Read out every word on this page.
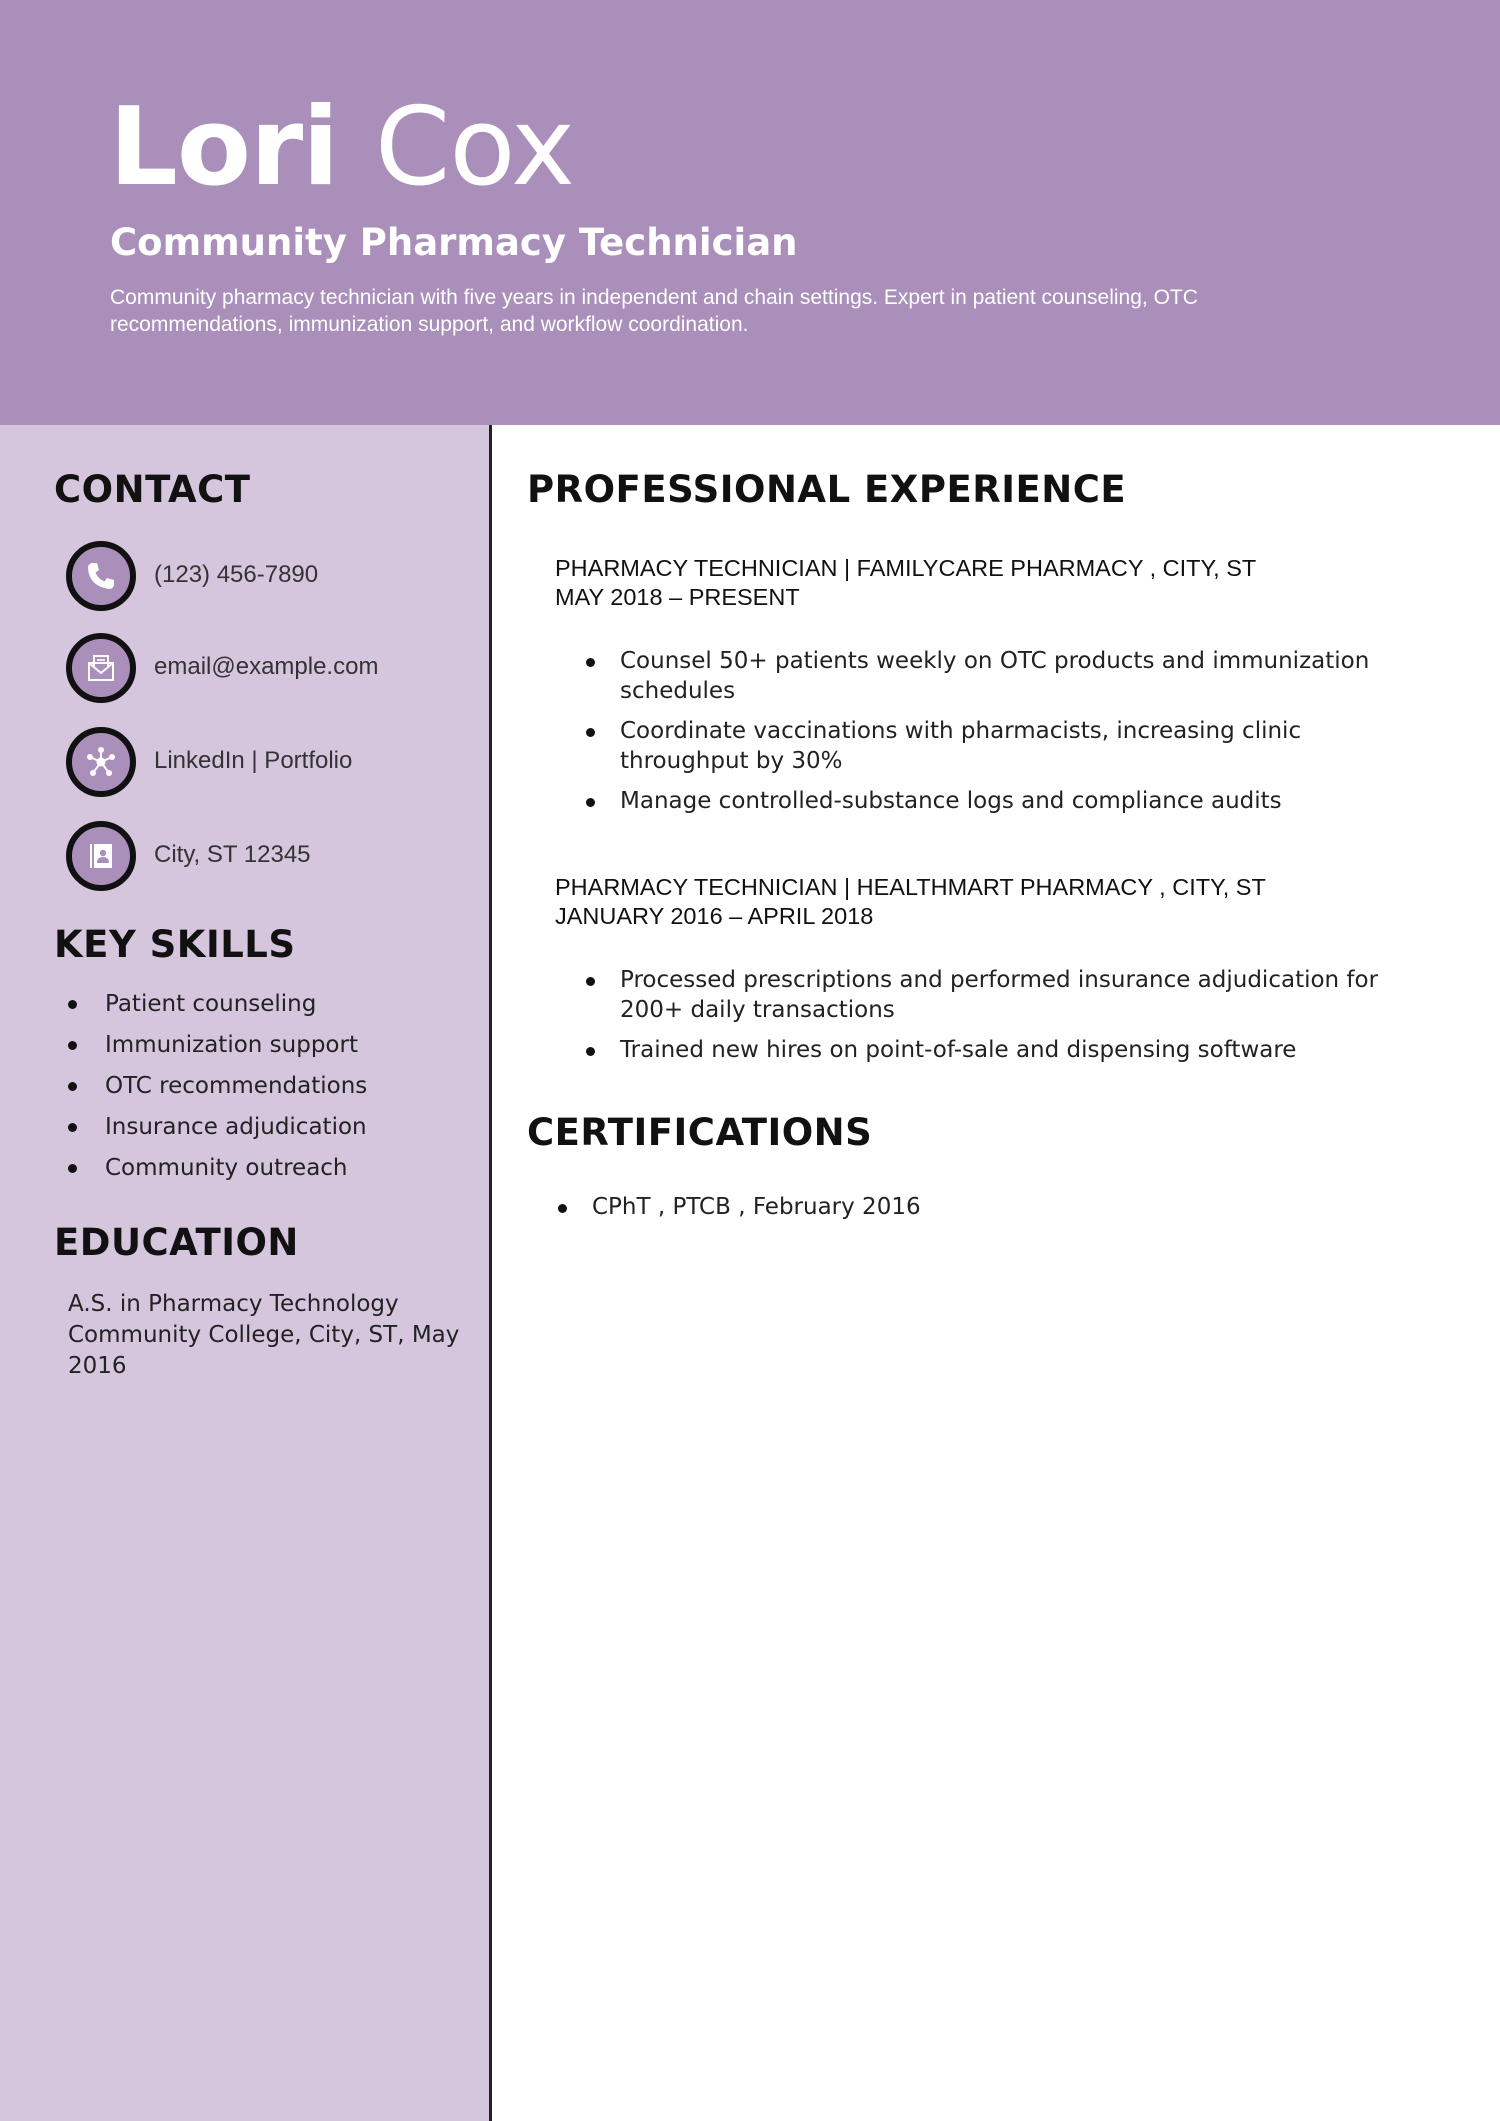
Lori Cox
Community Pharmacy Technician

Community pharmacy technician with five years in independent and chain settings. Expert in patient counseling, OTC recommendations, immunization support, and workflow coordination.

CONTACT
(123) 456-7890
email@example.com
LinkedIn | Portfolio
City, ST 12345
KEY SKILLS
Patient counseling
Immunization support
OTC recommendations
Insurance adjudication
Community outreach
EDUCATION

A.S. in Pharmacy Technology Community College, City, ST, May 2016

PROFESSIONAL EXPERIENCE

PHARMACY TECHNICIAN | FAMILYCARE PHARMACY , CITY, ST

MAY 2018 – PRESENT

Counsel 50+ patients weekly on OTC products and immunization schedules
Coordinate vaccinations with pharmacists, increasing clinic throughput by 30%
Manage controlled-substance logs and compliance audits

PHARMACY TECHNICIAN | HEALTHMART PHARMACY , CITY, ST

JANUARY 2016 – APRIL 2018

Processed prescriptions and performed insurance adjudication for 200+ daily transactions
Trained new hires on point-of-sale and dispensing software
CERTIFICATIONS
CPhT , PTCB , February 2016
